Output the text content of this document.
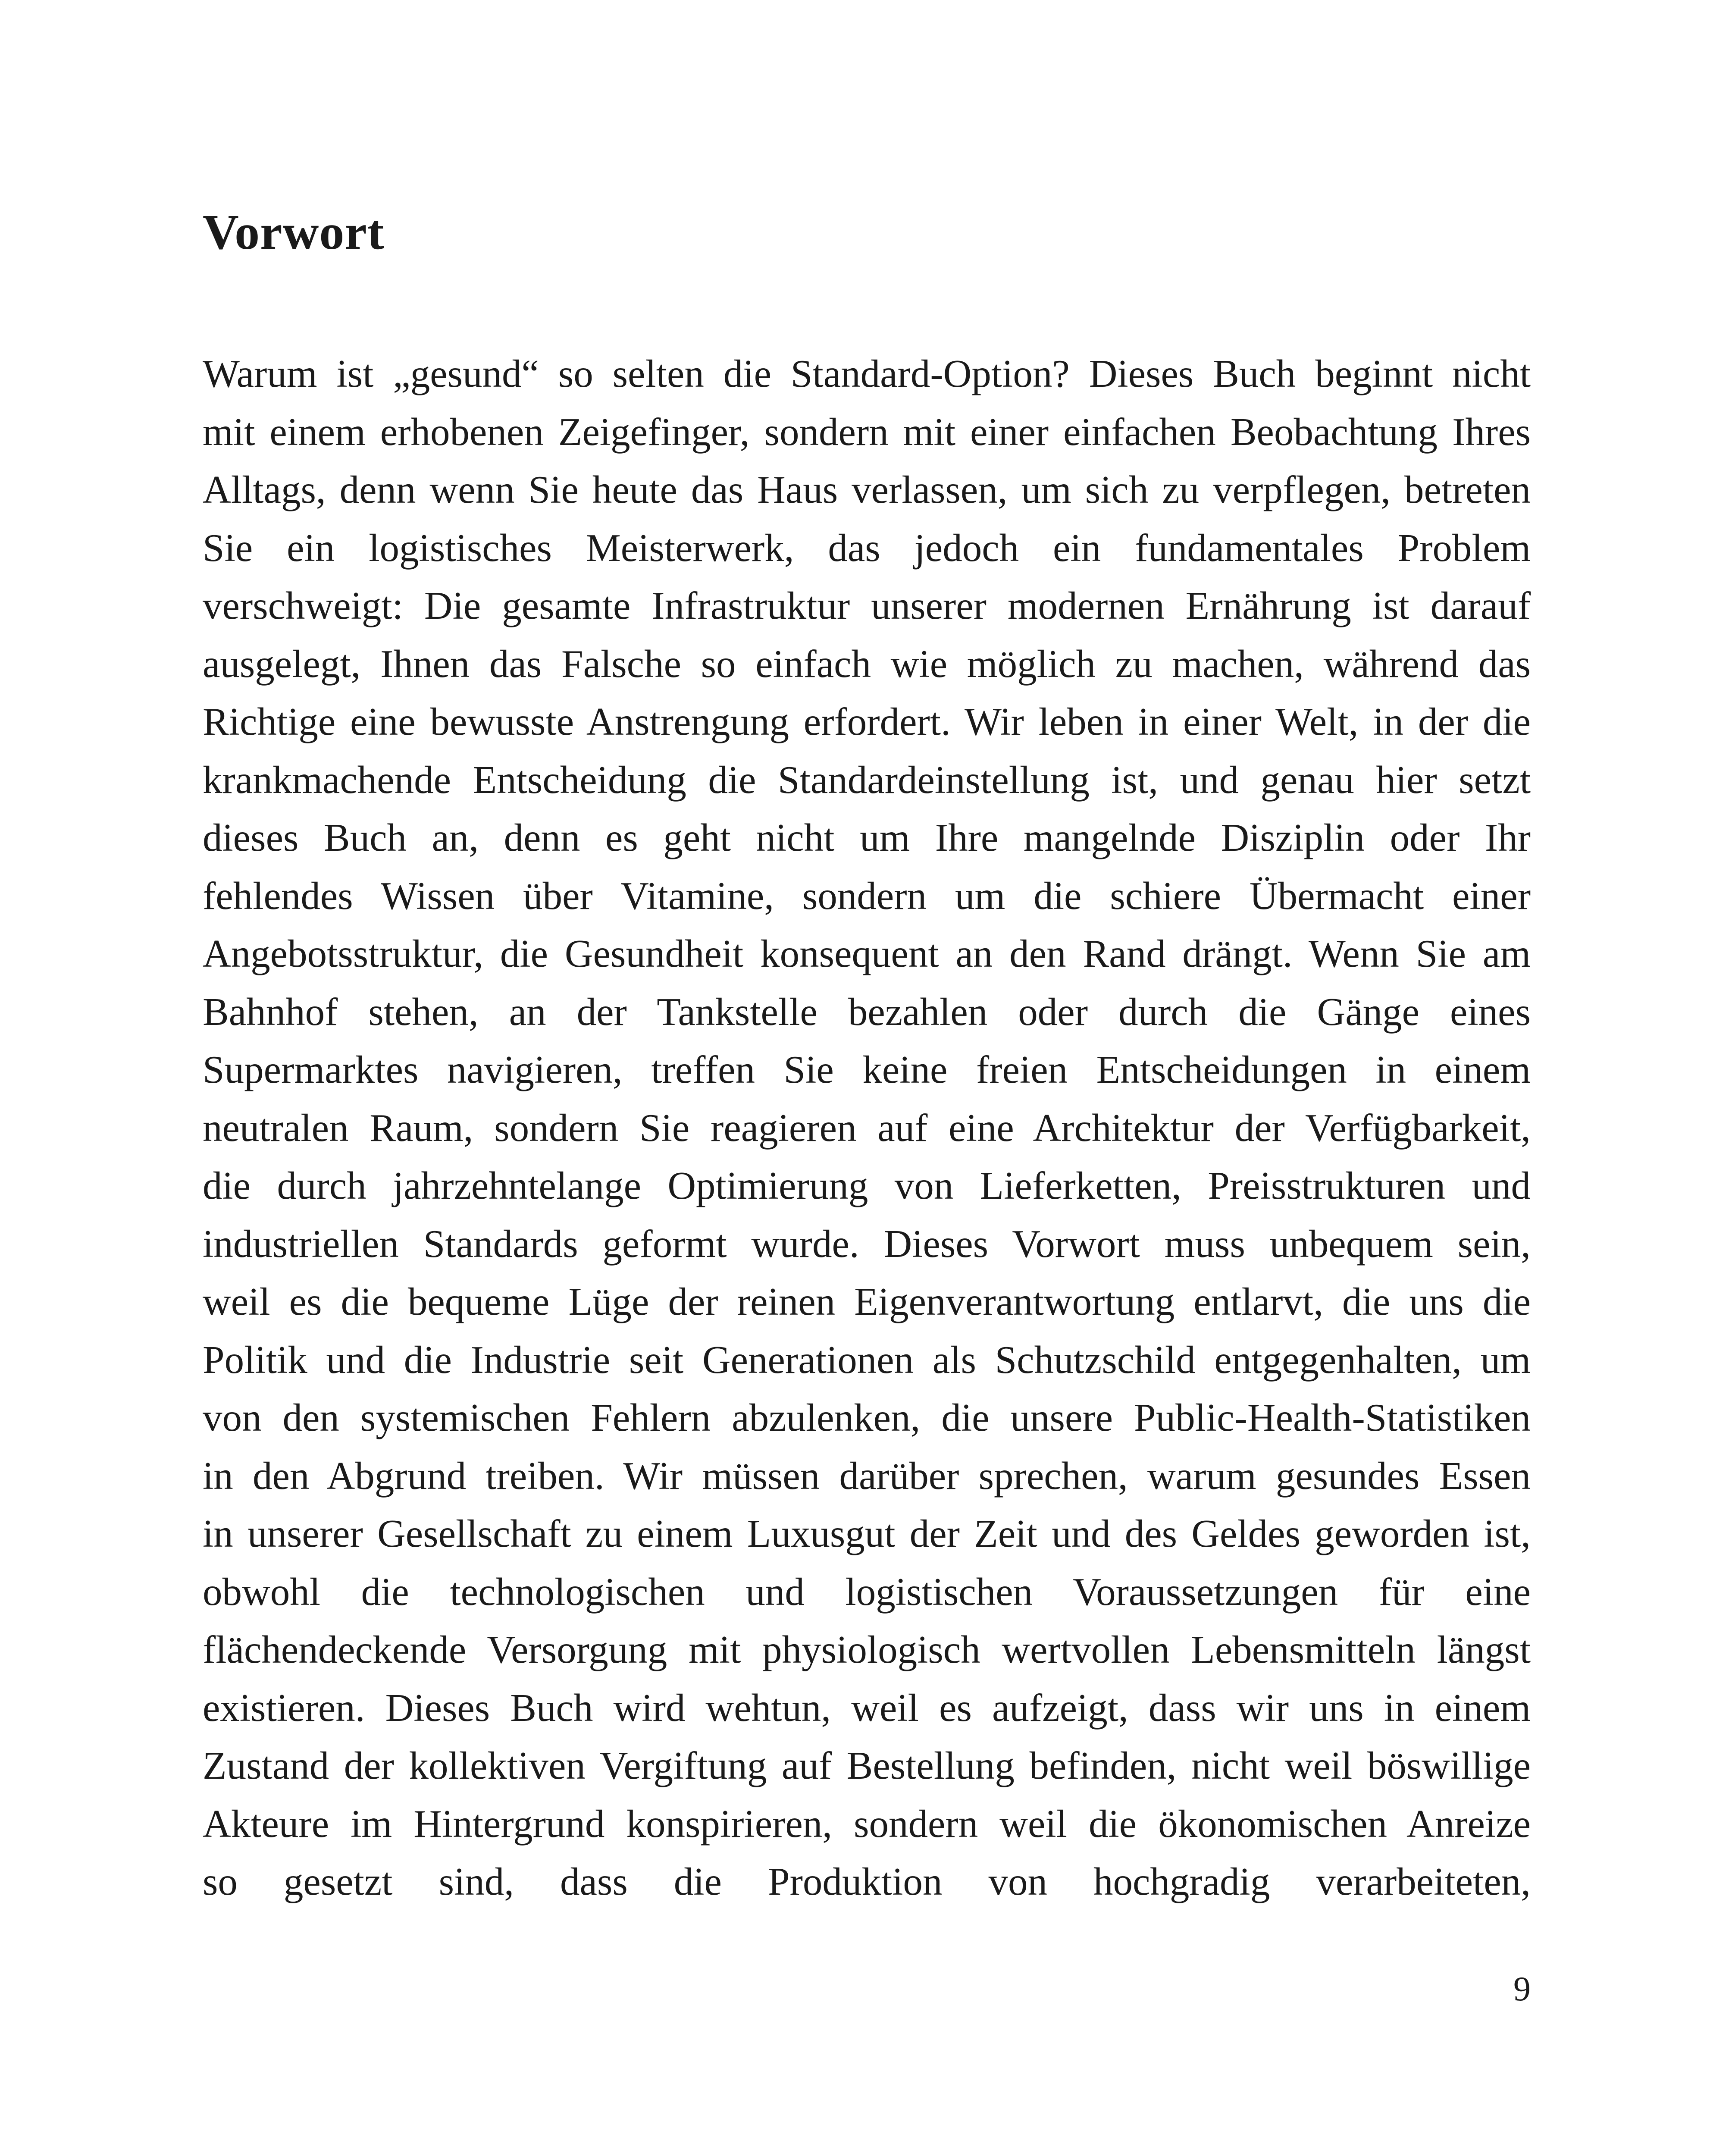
Vorwort
Warum ist „gesund“ so selten die Standard-Option? Dieses Buch beginnt nicht
mit einem erhobenen Zeigefinger, sondern mit einer einfachen Beobachtung Ihres
Alltags, denn wenn Sie heute das Haus verlassen, um sich zu verpflegen, betreten
Sie ein logistisches Meisterwerk, das jedoch ein fundamentales Problem
verschweigt: Die gesamte Infrastruktur unserer modernen Ernährung ist darauf
ausgelegt, Ihnen das Falsche so einfach wie möglich zu machen, während das
Richtige eine bewusste Anstrengung erfordert. Wir leben in einer Welt, in der die
krankmachende Entscheidung die Standardeinstellung ist, und genau hier setzt
dieses Buch an, denn es geht nicht um Ihre mangelnde Disziplin oder Ihr
fehlendes Wissen über Vitamine, sondern um die schiere Übermacht einer
Angebotsstruktur, die Gesundheit konsequent an den Rand drängt. Wenn Sie am
Bahnhof stehen, an der Tankstelle bezahlen oder durch die Gänge eines
Supermarktes navigieren, treffen Sie keine freien Entscheidungen in einem
neutralen Raum, sondern Sie reagieren auf eine Architektur der Verfügbarkeit,
die durch jahrzehntelange Optimierung von Lieferketten, Preisstrukturen und
industriellen Standards geformt wurde. Dieses Vorwort muss unbequem sein,
weil es die bequeme Lüge der reinen Eigenverantwortung entlarvt, die uns die
Politik und die Industrie seit Generationen als Schutzschild entgegenhalten, um
von den systemischen Fehlern abzulenken, die unsere Public-Health-Statistiken
in den Abgrund treiben. Wir müssen darüber sprechen, warum gesundes Essen
in unserer Gesellschaft zu einem Luxusgut der Zeit und des Geldes geworden ist,
obwohl die technologischen und logistischen Voraussetzungen für eine
flächendeckende Versorgung mit physiologisch wertvollen Lebensmitteln längst
existieren. Dieses Buch wird wehtun, weil es aufzeigt, dass wir uns in einem
Zustand der kollektiven Vergiftung auf Bestellung befinden, nicht weil böswillige
Akteure im Hintergrund konspirieren, sondern weil die ökonomischen Anreize
so gesetzt sind, dass die Produktion von hochgradig verarbeiteten,
9
